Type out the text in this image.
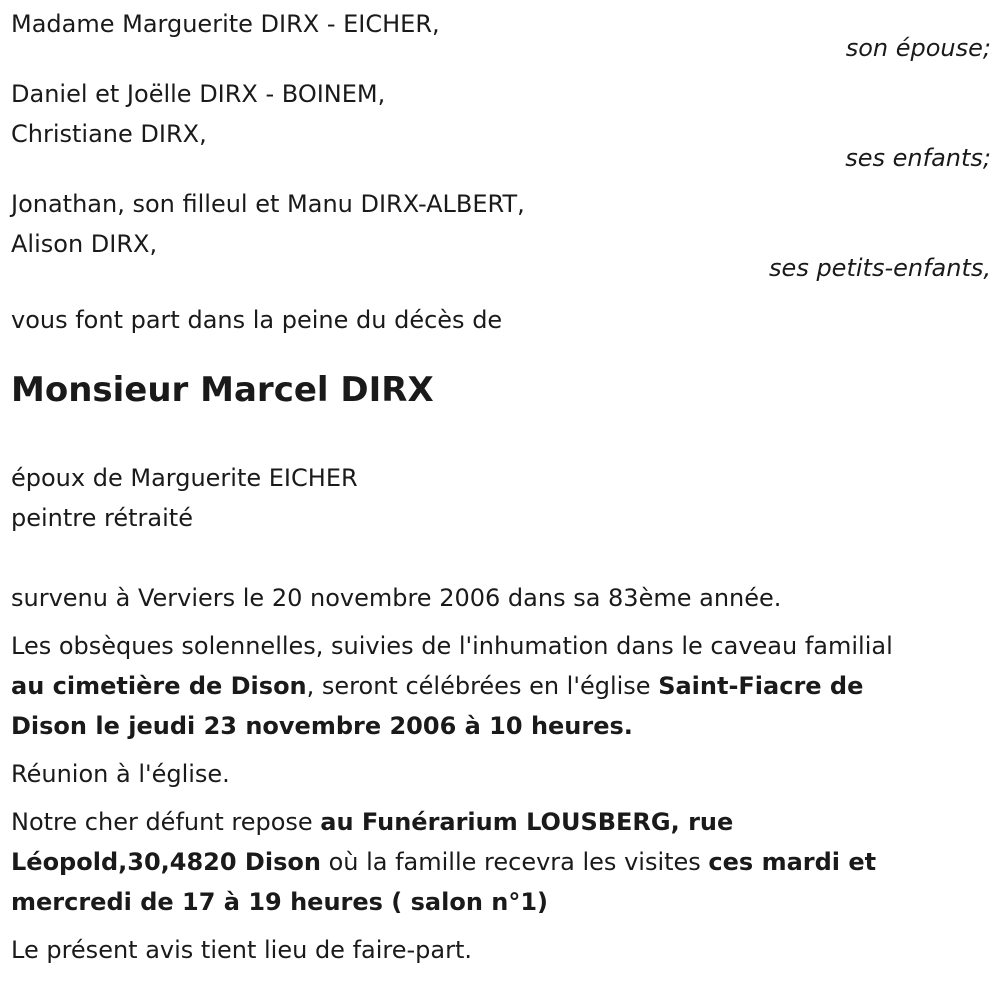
Madame Marguerite DIRX - EICHER,
son épouse;
Daniel et Joëlle DIRX - BOINEM,
Christiane DIRX,
ses enfants;
Jonathan, son filleul et Manu DIRX-ALBERT,
Alison DIRX,
ses petits-enfants,
vous font part dans la peine du décès de
Monsieur Marcel DIRX
époux de Marguerite EICHER
peintre rétraité
survenu à Verviers le 20 novembre 2006 dans sa 83ème année.
Les obsèques solennelles, suivies de l'inhumation dans le caveau familial
au cimetière de Dison, seront célébrées en l'église Saint-Fiacre de
Dison le jeudi 23 novembre 2006 à 10 heures.
Réunion à l'église.
Notre cher défunt repose au Funérarium LOUSBERG, rue
Léopold,30,4820 Dison où la famille recevra les visites ces mardi et
mercredi de 17 à 19 heures ( salon n°1)
Le présent avis tient lieu de faire-part.
